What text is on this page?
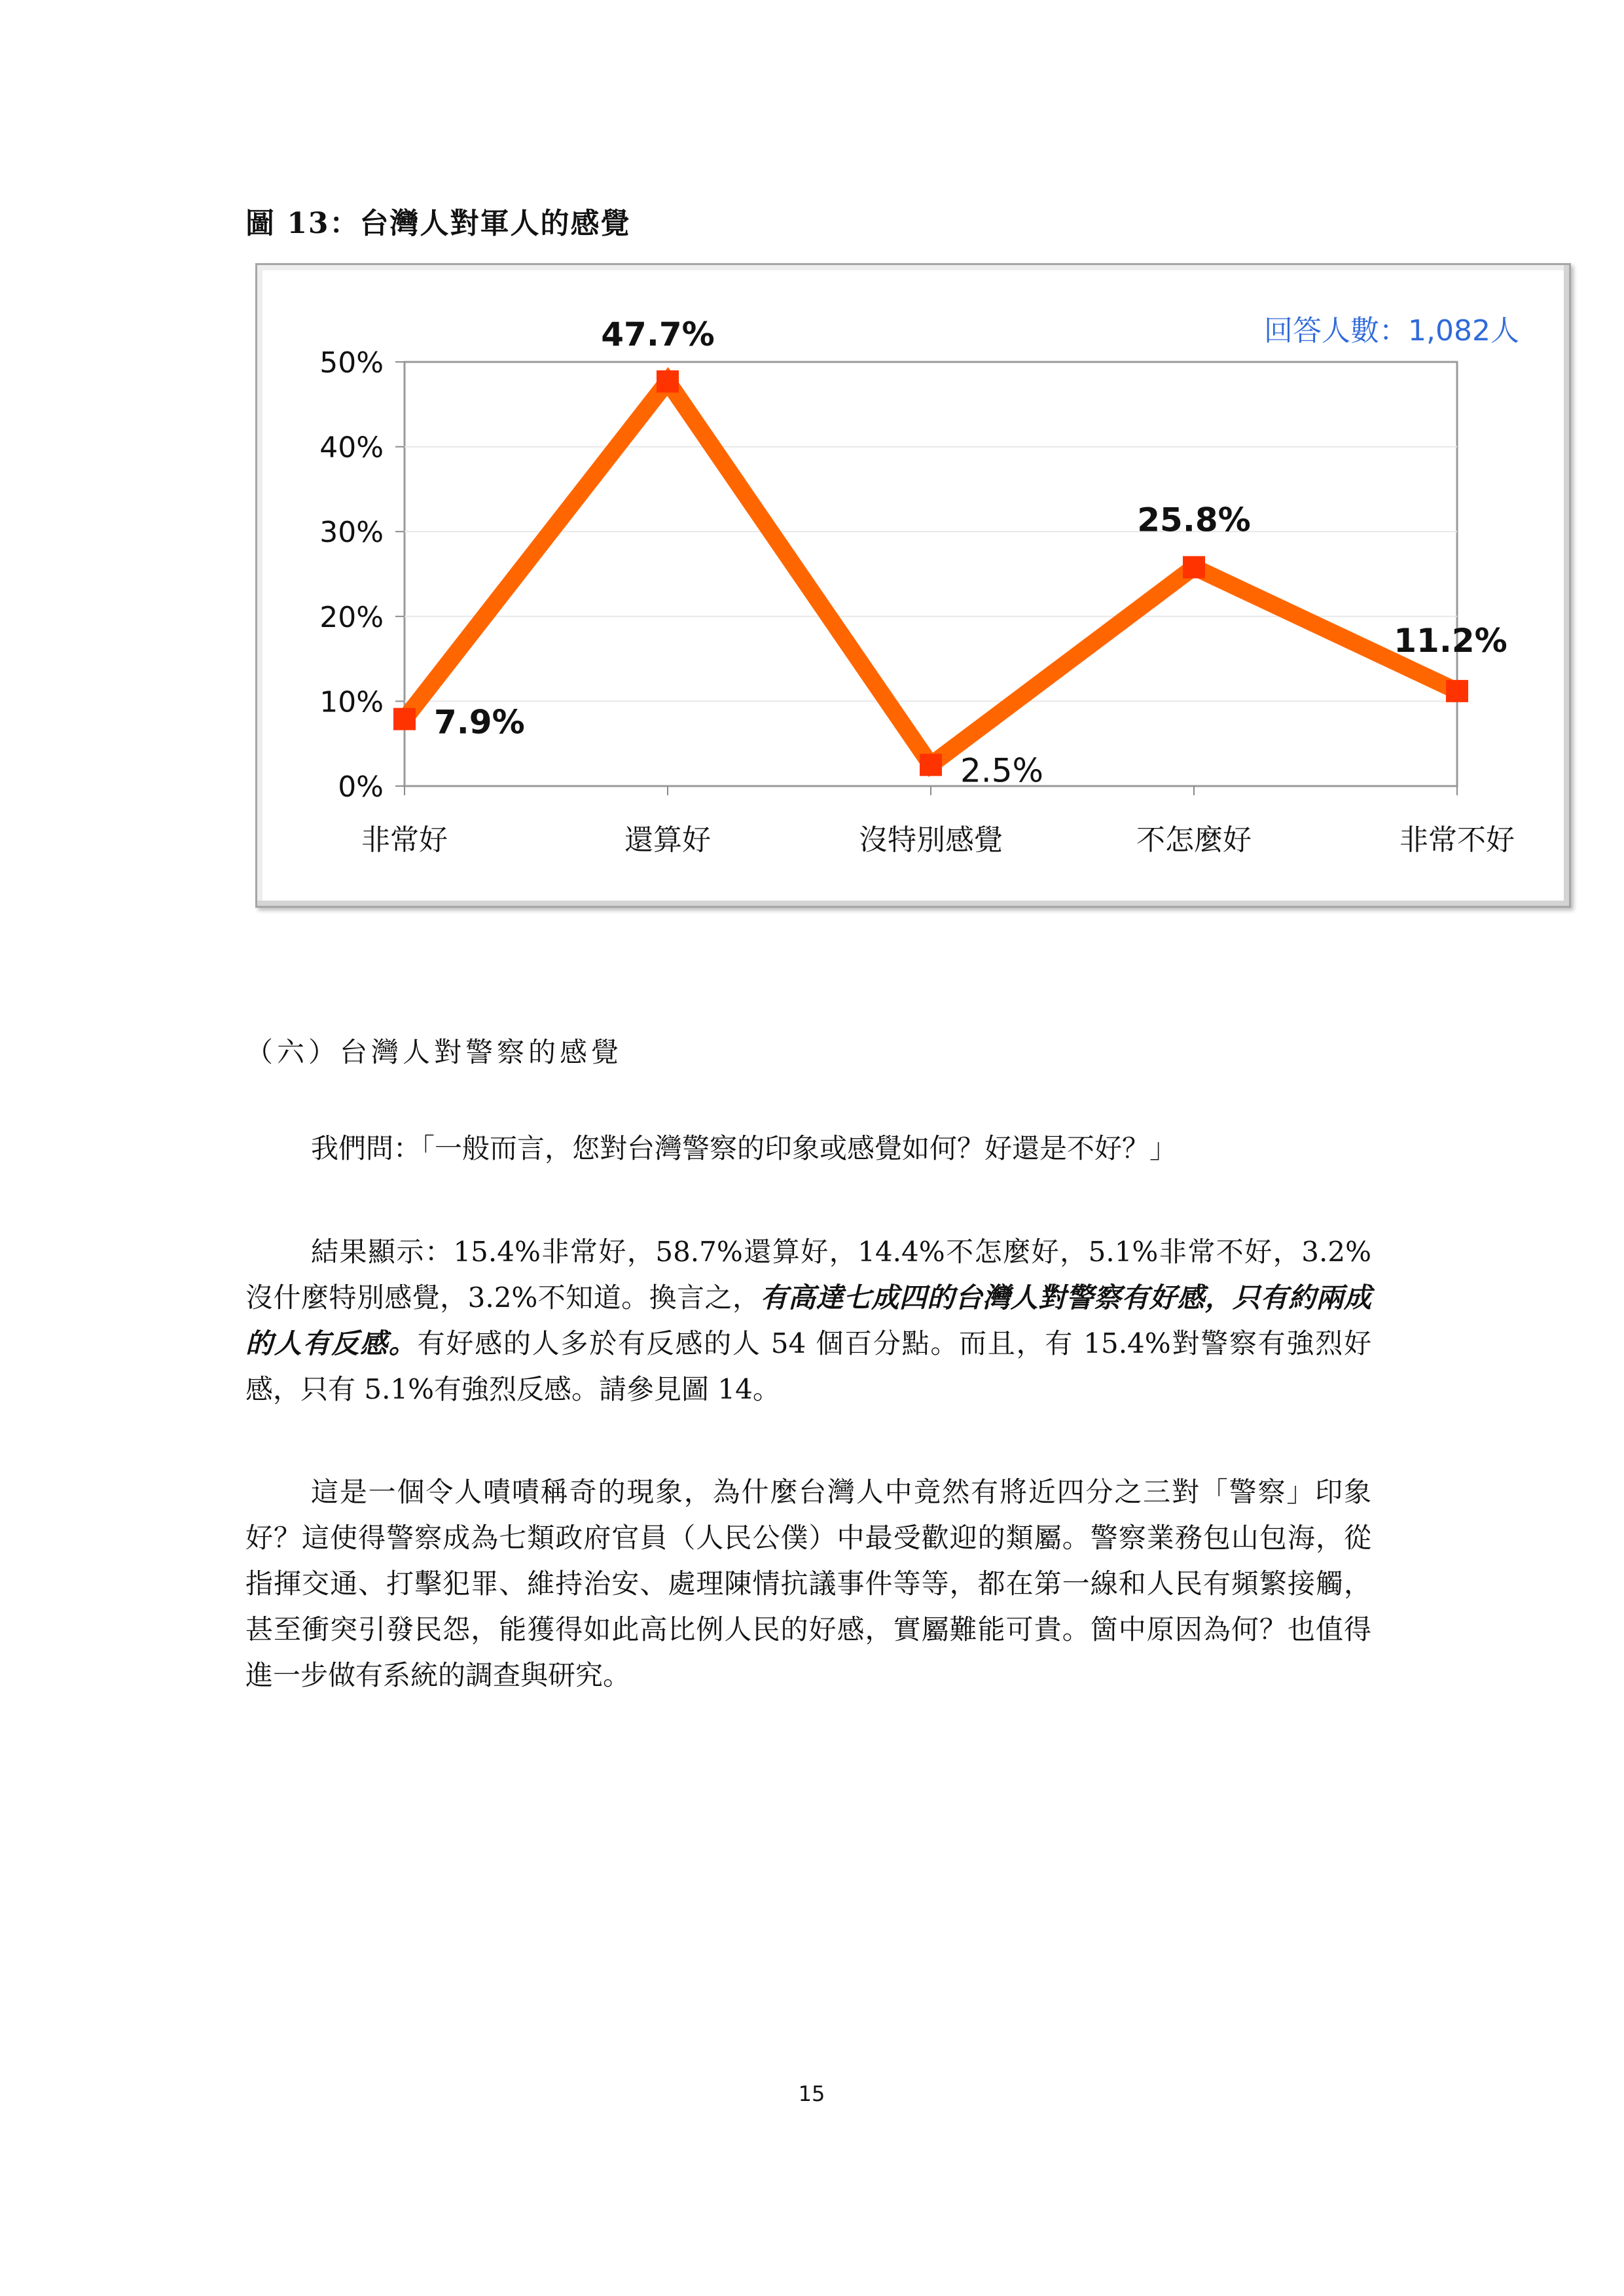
圖 13：台灣人對軍人的感覺
0%
10%
20%
30%
40%
50%
非常好	還算好	沒特別感覺	不怎麼好	非常不好
7.9%
47.7%
2.5%
25.8%
11.2%
回答人數：1,082人
（六）台灣人對警察的感覺

我們問：「一般而言，您對台灣警察的印象或感覺如何？好還是不好？」

結果顯示：15.4%非常好，58.7%還算好，14.4%不怎麼好，5.1%非常不好，3.2%沒什麼特別感覺，3.2%不知道。換言之，有高達七成四的台灣人對警察有好感，只有約兩成的人有反感。有好感的人多於有反感的人 54 個百分點。而且，有 15.4%對警察有強烈好感，只有 5.1%有強烈反感。請參見圖 14。

這是一個令人嘖嘖稱奇的現象，為什麼台灣人中竟然有將近四分之三對「警察」印象好？這使得警察成為七類政府官員（人民公僕）中最受歡迎的類屬。警察業務包山包海，從指揮交通、打擊犯罪、維持治安、處理陳情抗議事件等等，都在第一線和人民有頻繁接觸，甚至衝突引發民怨，能獲得如此高比例人民的好感，實屬難能可貴。箇中原因為何？也值得進一步做有系統的調查與研究。

15
